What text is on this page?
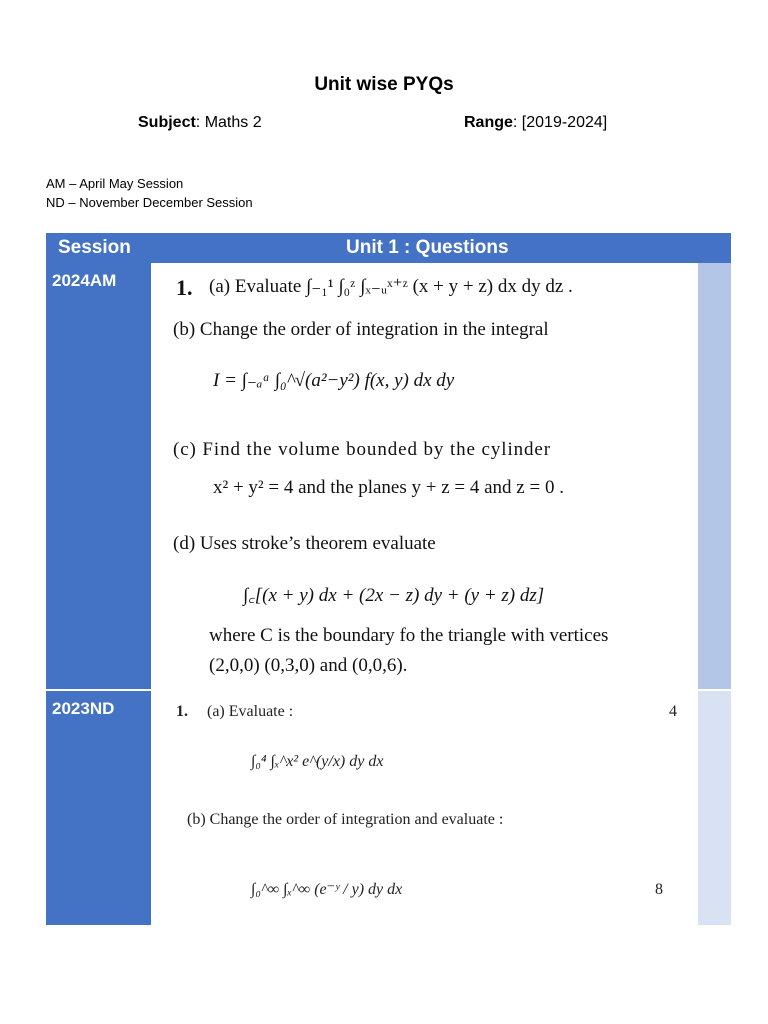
Unit wise PYQs
Subject: Maths 2	Range: [2019-2024]
AM – April May Session
ND – November December Session
Session	Unit 1 : Questions
2024AM	1. (a) Evaluate ∫₋₁¹ ∫₀ᶻ ∫ₓ₋ᵤˣ⁺ᶻ (x + y + z) dx dy dz .
(b) Change the order of integration in the integral
I = ∫₋ₐᵃ ∫₀^√(a²−y²) f(x, y) dx dy
(c) Find the volume bounded by the cylinder
x² + y² = 4 and the planes y + z = 4 and z = 0 .
(d) Uses stroke’s theorem evaluate
∫꜀[(x + y) dx + (2x − z) dy + (y + z) dz]
where C is the boundary fo the triangle with vertices
(2,0,0) (0,3,0) and (0,0,6).
2023ND	1. (a) Evaluate :	4
∫₀⁴ ∫ₓ^x² e^(y/x) dy dx
(b) Change the order of integration and evaluate :
∫₀^∞ ∫ₓ^∞ (e⁻ʸ / y) dy dx	8
